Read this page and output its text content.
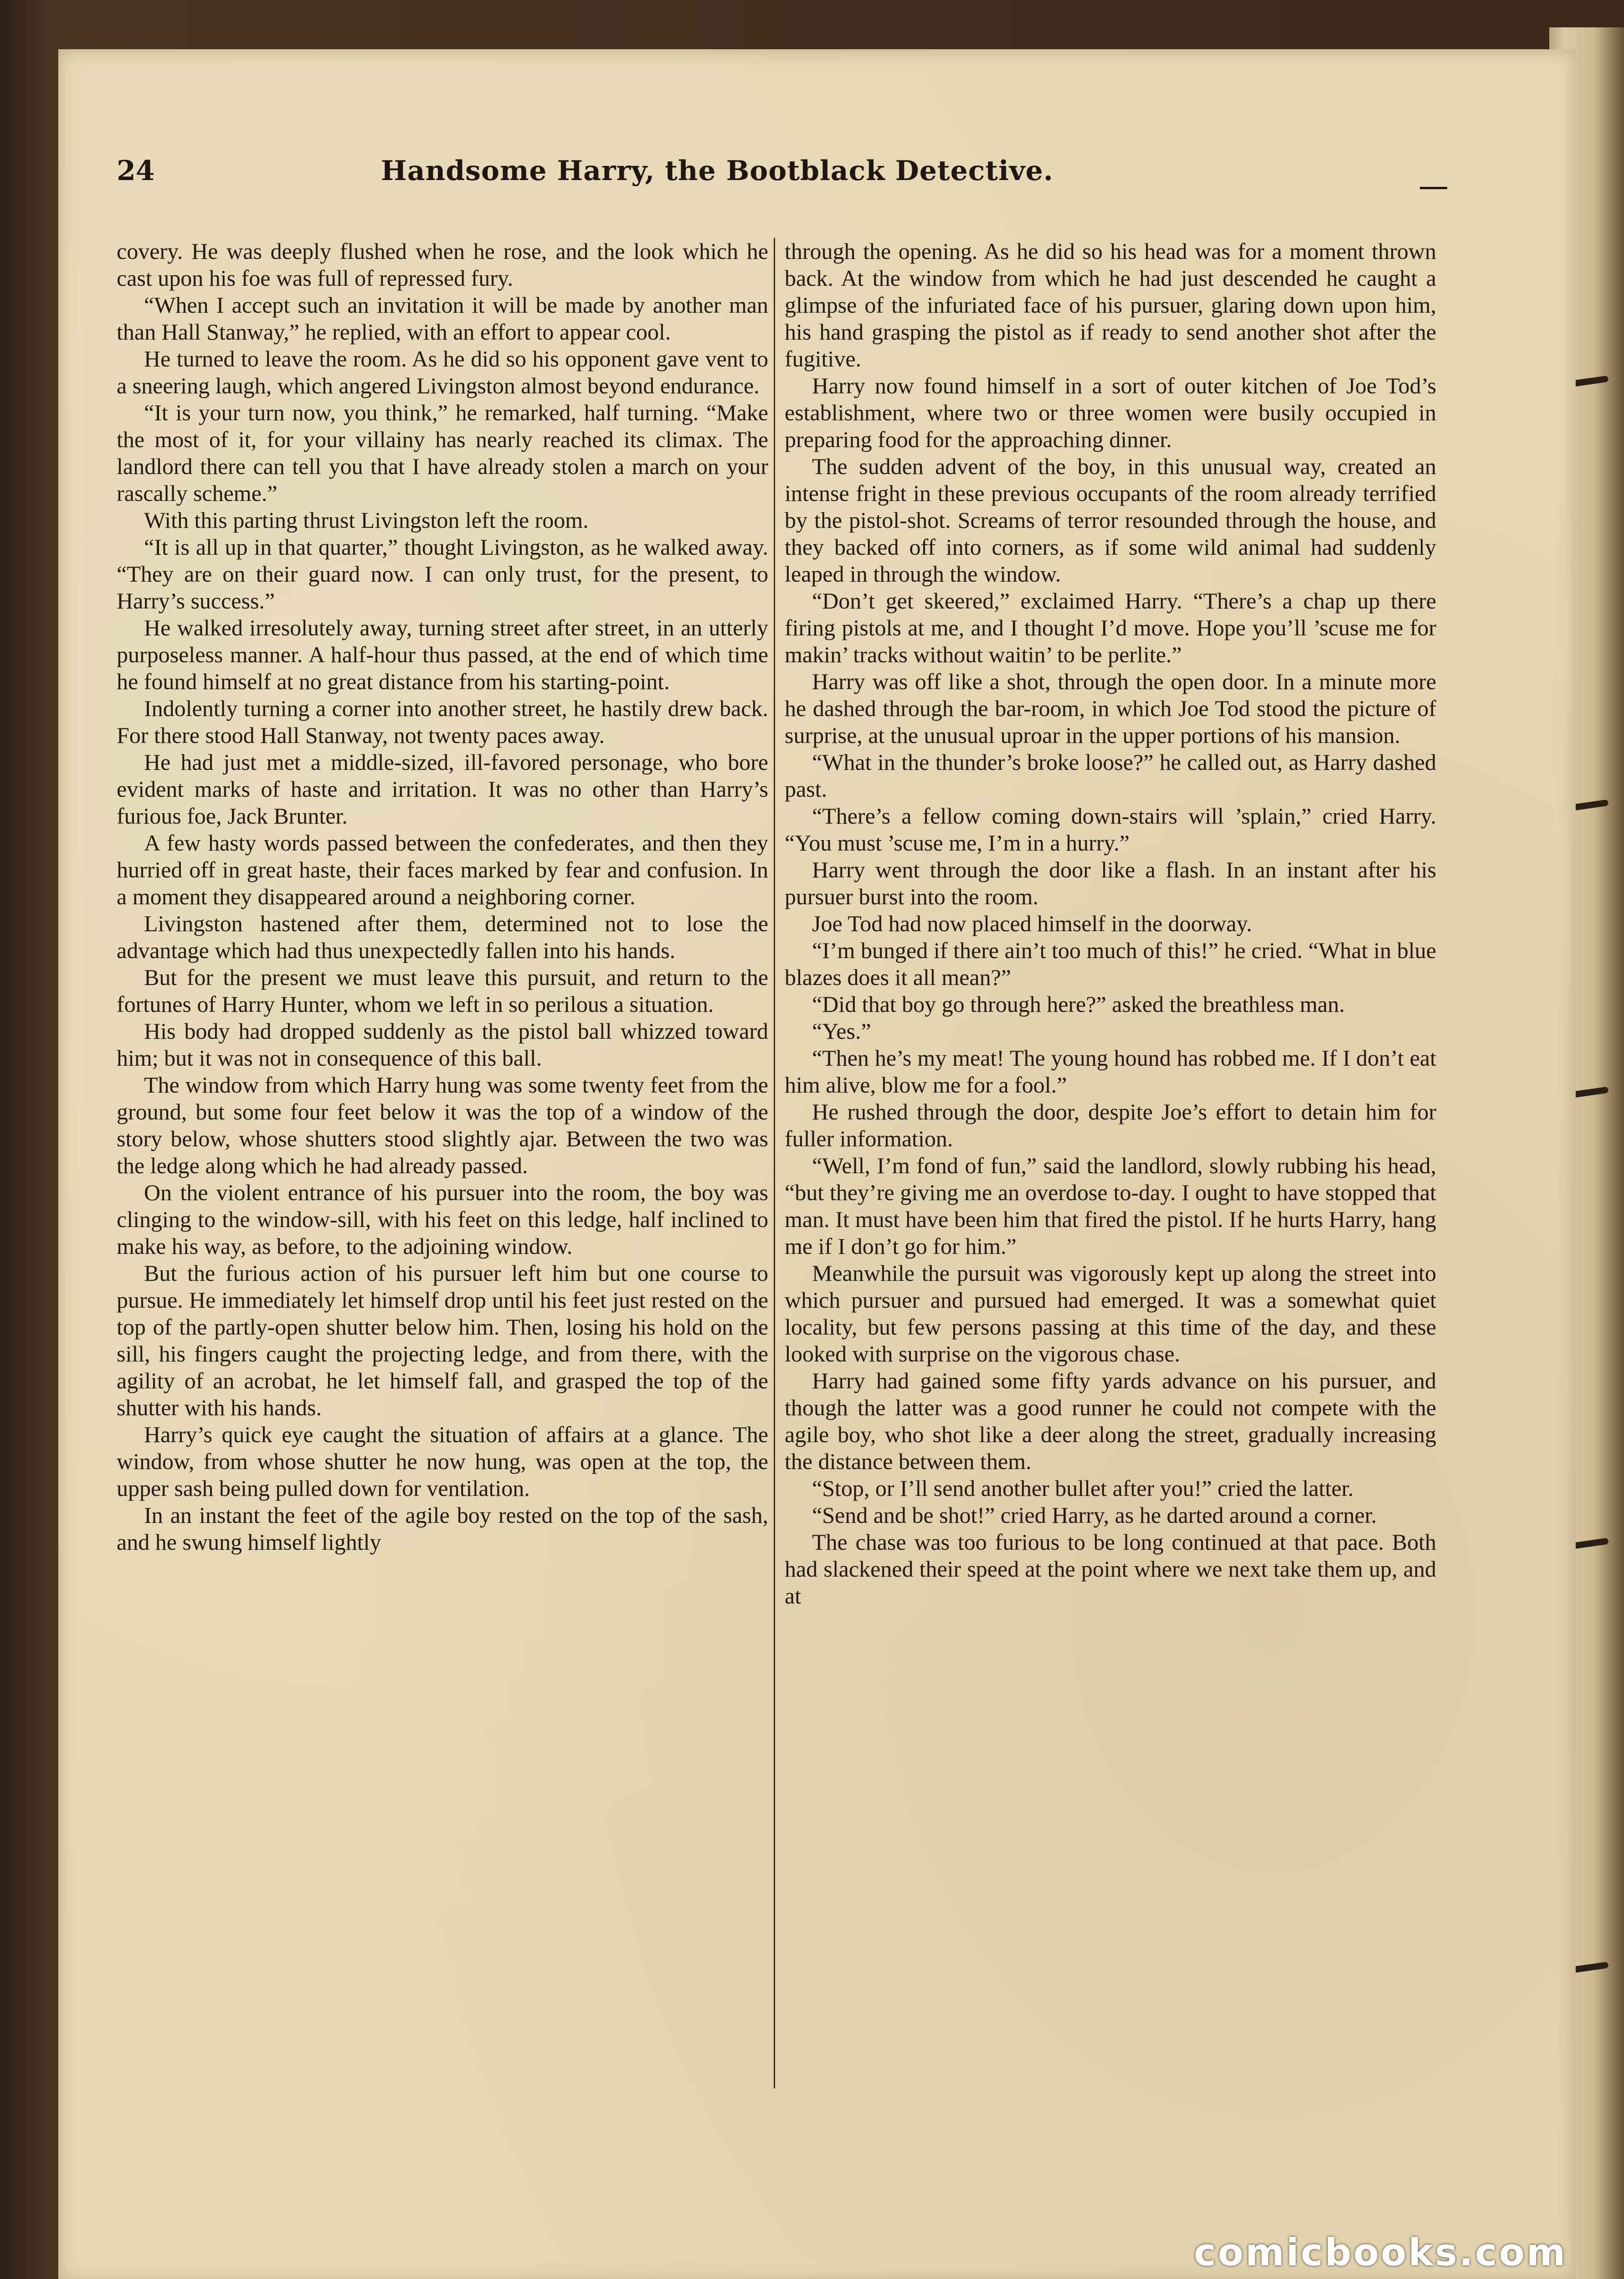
24	Handsome Harry, the Bootblack Detective.

covery. He was deeply flushed when he rose, and the look which he cast upon his foe was full of repressed fury.

“When I accept such an invitation it will be made by another man than Hall Stanway,” he replied, with an effort to appear cool.

He turned to leave the room. As he did so his opponent gave vent to a sneering laugh, which angered Livingston almost beyond endurance.

“It is your turn now, you think,” he remarked, half turning. “Make the most of it, for your villainy has nearly reached its climax. The landlord there can tell you that I have already stolen a march on your rascally scheme.”

With this parting thrust Livingston left the room.

“It is all up in that quarter,” thought Livingston, as he walked away. “They are on their guard now. I can only trust, for the present, to Harry’s success.”

He walked irresolutely away, turning street after street, in an utterly purposeless manner. A half-hour thus passed, at the end of which time he found himself at no great distance from his starting-point.

Indolently turning a corner into another street, he hastily drew back. For there stood Hall Stanway, not twenty paces away.

He had just met a middle-sized, ill-favored personage, who bore evident marks of haste and irritation. It was no other than Harry’s furious foe, Jack Brunter.

A few hasty words passed between the confederates, and then they hurried off in great haste, their faces marked by fear and confusion. In a moment they disappeared around a neighboring corner.

Livingston hastened after them, determined not to lose the advantage which had thus unexpectedly fallen into his hands.

But for the present we must leave this pursuit, and return to the fortunes of Harry Hunter, whom we left in so perilous a situation.

His body had dropped suddenly as the pistol ball whizzed toward him; but it was not in consequence of this ball.

The window from which Harry hung was some twenty feet from the ground, but some four feet below it was the top of a window of the story below, whose shutters stood slightly ajar. Between the two was the ledge along which he had already passed.

On the violent entrance of his pursuer into the room, the boy was clinging to the window-sill, with his feet on this ledge, half inclined to make his way, as before, to the adjoining window.

But the furious action of his pursuer left him but one course to pursue. He immediately let himself drop until his feet just rested on the top of the partly-open shutter below him. Then, losing his hold on the sill, his fingers caught the projecting ledge, and from there, with the agility of an acrobat, he let himself fall, and grasped the top of the shutter with his hands.

Harry’s quick eye caught the situation of affairs at a glance. The window, from whose shutter he now hung, was open at the top, the upper sash being pulled down for ventilation.

In an instant the feet of the agile boy rested on the top of the sash, and he swung himself lightly

through the opening. As he did so his head was for a moment thrown back. At the window from which he had just descended he caught a glimpse of the infuriated face of his pursuer, glaring down upon him, his hand grasping the pistol as if ready to send another shot after the fugitive.

Harry now found himself in a sort of outer kitchen of Joe Tod’s establishment, where two or three women were busily occupied in preparing food for the approaching dinner.

The sudden advent of the boy, in this unusual way, created an intense fright in these previous occupants of the room already terrified by the pistol-shot. Screams of terror resounded through the house, and they backed off into corners, as if some wild animal had suddenly leaped in through the window.

“Don’t get skeered,” exclaimed Harry. “There’s a chap up there firing pistols at me, and I thought I’d move. Hope you’ll ’scuse me for makin’ tracks without waitin’ to be perlite.”

Harry was off like a shot, through the open door. In a minute more he dashed through the bar-room, in which Joe Tod stood the picture of surprise, at the unusual uproar in the upper portions of his mansion.

“What in the thunder’s broke loose?” he called out, as Harry dashed past.

“There’s a fellow coming down-stairs will ’splain,” cried Harry. “You must ’scuse me, I’m in a hurry.”

Harry went through the door like a flash. In an instant after his pursuer burst into the room.

Joe Tod had now placed himself in the doorway.

“I’m bunged if there ain’t too much of this!” he cried. “What in blue blazes does it all mean?”

“Did that boy go through here?” asked the breathless man.

“Yes.”

“Then he’s my meat! The young hound has robbed me. If I don’t eat him alive, blow me for a fool.”

He rushed through the door, despite Joe’s effort to detain him for fuller information.

“Well, I’m fond of fun,” said the landlord, slowly rubbing his head, “but they’re giving me an overdose to-day. I ought to have stopped that man. It must have been him that fired the pistol. If he hurts Harry, hang me if I don’t go for him.”

Meanwhile the pursuit was vigorously kept up along the street into which pursuer and pursued had emerged. It was a somewhat quiet locality, but few persons passing at this time of the day, and these looked with surprise on the vigorous chase.

Harry had gained some fifty yards advance on his pursuer, and though the latter was a good runner he could not compete with the agile boy, who shot like a deer along the street, gradually increasing the distance between them.

“Stop, or I’ll send another bullet after you!” cried the latter.

“Send and be shot!” cried Harry, as he darted around a corner.

The chase was too furious to be long continued at that pace. Both had slackened their speed at the point where we next take them up, and at

comicbooks.com
